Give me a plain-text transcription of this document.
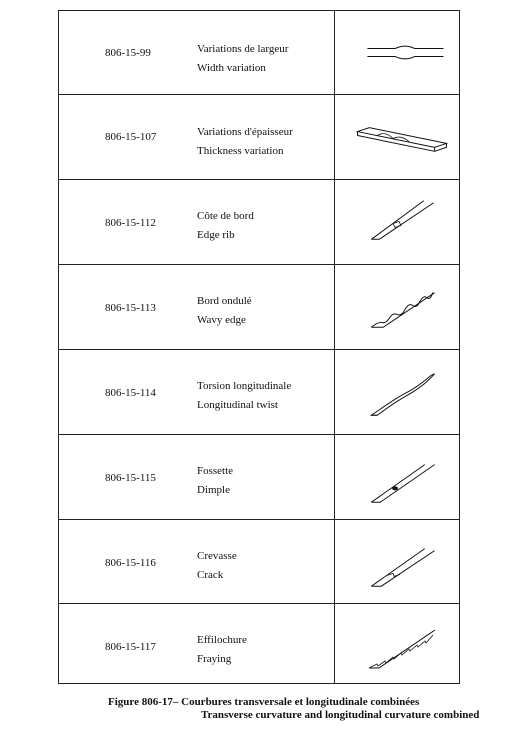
806-15-99	Variations de largeur
Width variation
806-15-107	Variations d'épaisseur
Thickness variation
806-15-112
Côte de bord
Edge rib
806-15-113
Bord ondulé
Wavy edge
806-15-114
Torsion longitudinale
Longitudinal twist
806-15-115
Fossette
Dimple
806-15-116
Crevasse
Crack
806-15-117
Effilochure
Fraying
Figure 806-17– Courbures transversale et longitudinale combinées
Transverse curvature and longitudinal curvature combined
